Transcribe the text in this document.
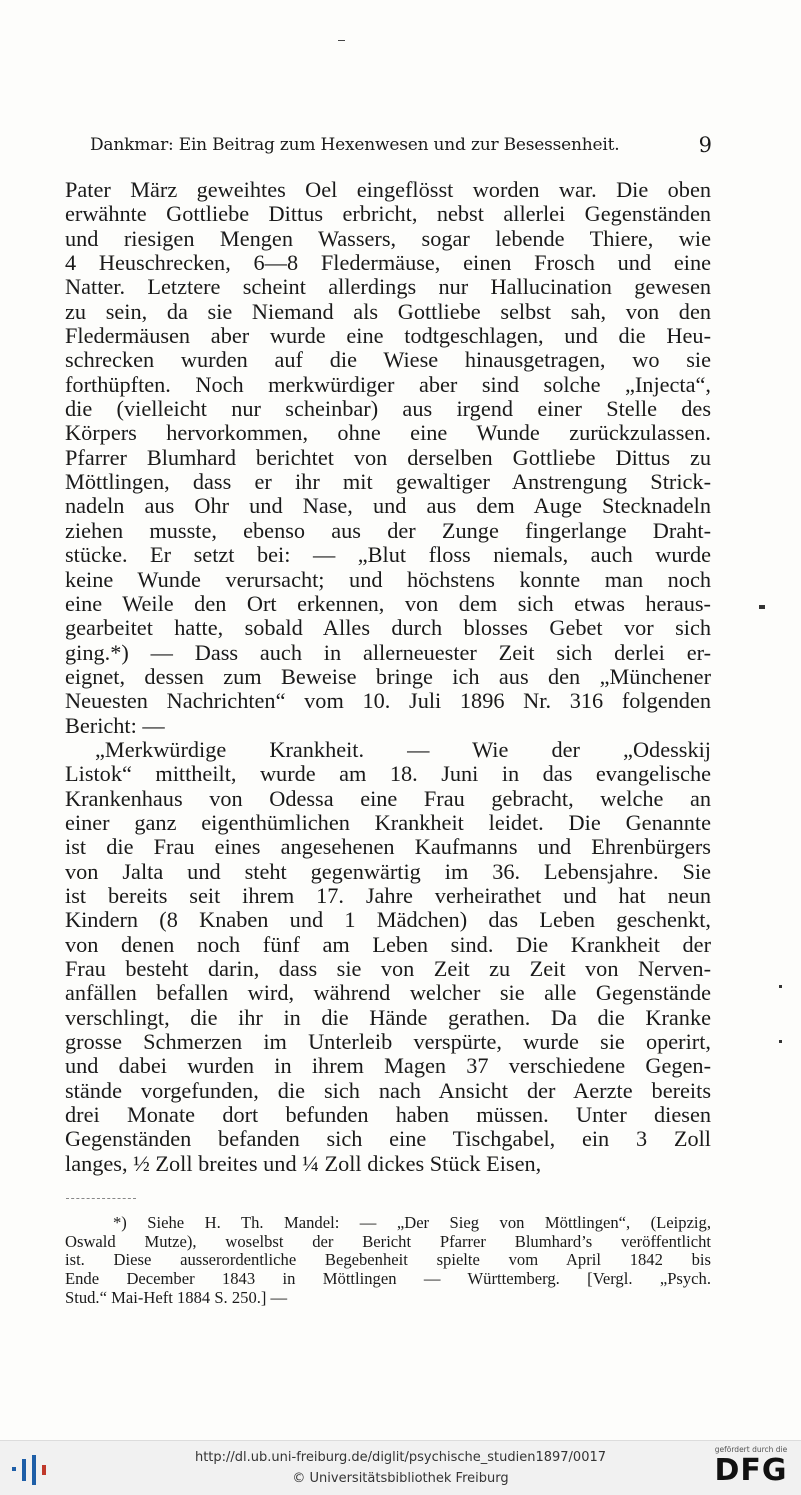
Dankmar: Ein Beitrag zum Hexenwesen und zur Besessenheit.	9
Pater März geweihtes Oel eingeflösst worden war. Die oben
erwähnte Gottliebe Dittus erbricht, nebst allerlei Gegenständen
und riesigen Mengen Wassers, sogar lebende Thiere, wie
4 Heuschrecken, 6—8 Fledermäuse, einen Frosch und eine
Natter. Letztere scheint allerdings nur Hallucination gewesen
zu sein, da sie Niemand als Gottliebe selbst sah, von den
Fledermäusen aber wurde eine todtgeschlagen, und die Heu-
schrecken wurden auf die Wiese hinausgetragen, wo sie
forthüpften. Noch merkwürdiger aber sind solche „Injecta“,
die (vielleicht nur scheinbar) aus irgend einer Stelle des
Körpers hervorkommen, ohne eine Wunde zurückzulassen.
Pfarrer Blumhard berichtet von derselben Gottliebe Dittus zu
Möttlingen, dass er ihr mit gewaltiger Anstrengung Strick-
nadeln aus Ohr und Nase, und aus dem Auge Stecknadeln
ziehen musste, ebenso aus der Zunge fingerlange Draht-
stücke. Er setzt bei: — „Blut floss niemals, auch wurde
keine Wunde verursacht; und höchstens konnte man noch
eine Weile den Ort erkennen, von dem sich etwas heraus-
gearbeitet hatte, sobald Alles durch blosses Gebet vor sich
ging.*) — Dass auch in allerneuester Zeit sich derlei er-
eignet, dessen zum Beweise bringe ich aus den „Münchener
Neuesten Nachrichten“ vom 10. Juli 1896 Nr. 316 folgenden
Bericht: —
„Merkwürdige Krankheit. — Wie der „Odesskij
Listok“ mittheilt, wurde am 18. Juni in das evangelische
Krankenhaus von Odessa eine Frau gebracht, welche an
einer ganz eigenthümlichen Krankheit leidet. Die Genannte
ist die Frau eines angesehenen Kaufmanns und Ehrenbürgers
von Jalta und steht gegenwärtig im 36. Lebensjahre. Sie
ist bereits seit ihrem 17. Jahre verheirathet und hat neun
Kindern (8 Knaben und 1 Mädchen) das Leben geschenkt,
von denen noch fünf am Leben sind. Die Krankheit der
Frau besteht darin, dass sie von Zeit zu Zeit von Nerven-
anfällen befallen wird, während welcher sie alle Gegenstände
verschlingt, die ihr in die Hände gerathen. Da die Kranke
grosse Schmerzen im Unterleib verspürte, wurde sie operirt,
und dabei wurden in ihrem Magen 37 verschiedene Gegen-
stände vorgefunden, die sich nach Ansicht der Aerzte bereits
drei Monate dort befunden haben müssen. Unter diesen
Gegenständen befanden sich eine Tischgabel, ein 3 Zoll
langes, ½ Zoll breites und ¼ Zoll dickes Stück Eisen,
*) Siehe H. Th. Mandel: — „Der Sieg von Möttlingen“, (Leipzig,
Oswald Mutze), woselbst der Bericht Pfarrer Blumhard’s veröffentlicht
ist. Diese ausserordentliche Begebenheit spielte vom April 1842 bis
Ende December 1843 in Möttlingen — Württemberg. [Vergl. „Psych.
Stud.“ Mai-Heft 1884 S. 250.] —
http://dl.ub.uni-freiburg.de/diglit/psychische_studien1897/0017
© Universitätsbibliothek Freiburg
gefördert durch die
DFG
